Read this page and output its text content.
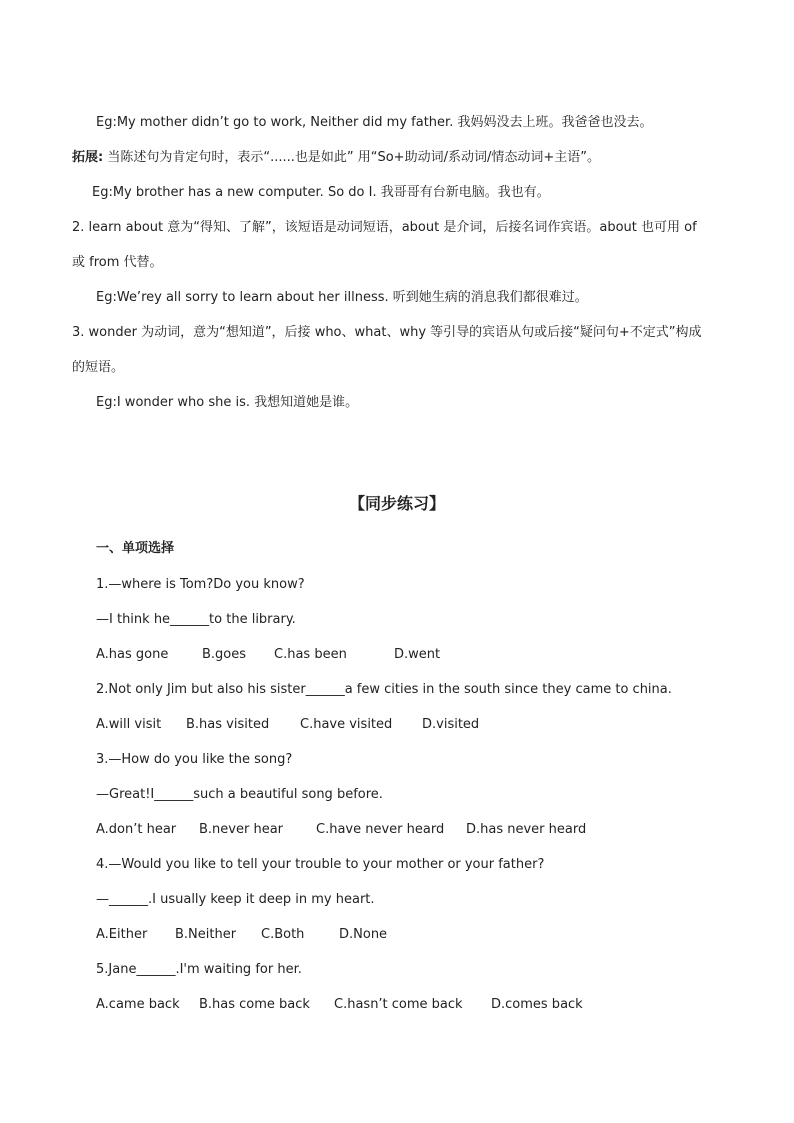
Eg:My mother didn’t go to work, Neither did my father. 我妈妈没去上班。我爸爸也没去。
拓展: 当陈述句为肯定句时，表示“......也是如此” 用“So+助动词/系动词/情态动词+主语”。
Eg:My brother has a new computer. So do I. 我哥哥有台新电脑。我也有。
2. learn about 意为“得知、了解”，该短语是动词短语，about 是介词，后接名词作宾语。about 也可用 of
或 from 代替。
Eg:We’rey all sorry to learn about her illness. 听到她生病的消息我们都很难过。
3. wonder 为动词，意为“想知道”，后接 who、what、why 等引导的宾语从句或后接“疑问句+不定式”构成
的短语。
Eg:I wonder who she is. 我想知道她是谁。
【同步练习】
一、单项选择
1.—where is Tom?Do you know?
—I think he______to the library.
A.has gone	B.goes C.has been	D.went
2.Not only Jim but also his sister______a few cities in the south since they came to china.
A.will visit B.has visited C.have visited D.visited
3.—How do you like the song?
—Great!I______such a beautiful song before.
A.don’t hear B.never hear	C.have never heard D.has never heard
4.—Would you like to tell your trouble to your mother or your father?
—______.I usually keep it deep in my heart.
A.Either B.Neither C.Both	D.None
5.Jane______.I'm waiting for her.
A.came back B.has come back C.hasn’t come back D.comes back
